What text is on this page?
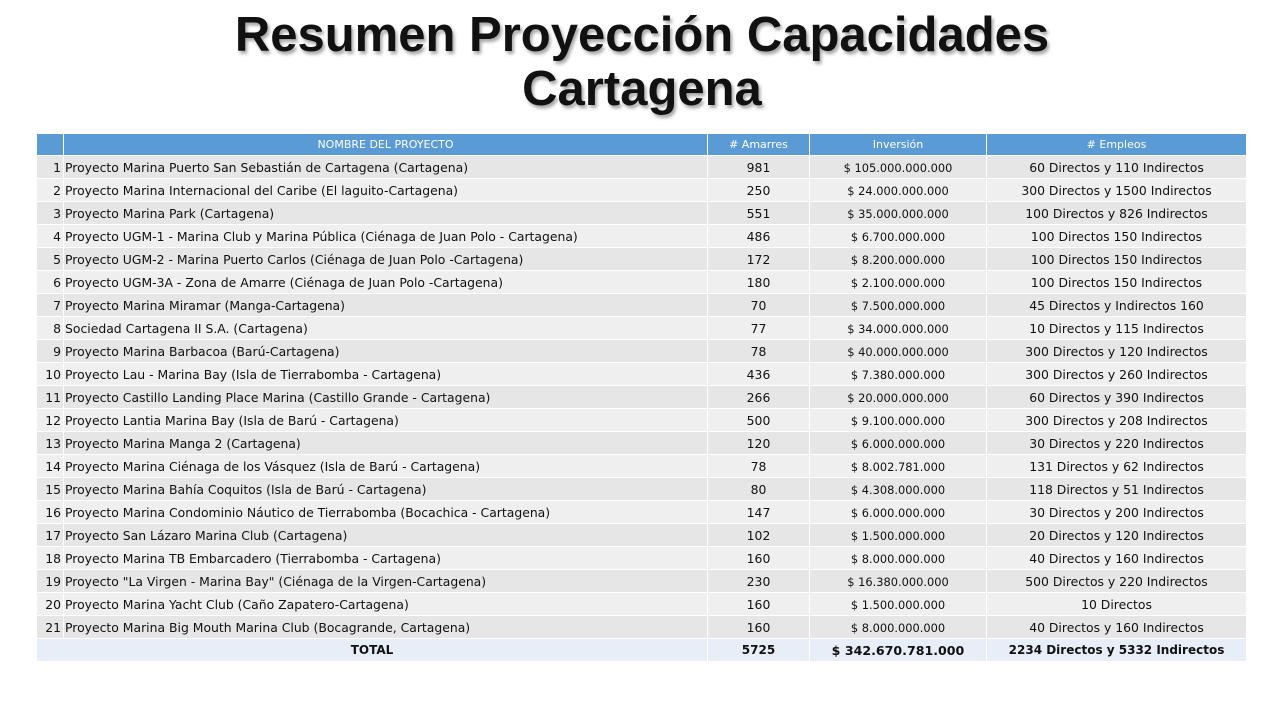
Resumen Proyección Capacidades
Cartagena
	NOMBRE DEL PROYECTO	# Amarres	Inversión	# Empleos
1	Proyecto Marina Puerto San Sebastián de Cartagena (Cartagena)	981	$ 105.000.000.000	60 Directos y 110 Indirectos
2	Proyecto Marina Internacional del Caribe (El laguito-Cartagena)	250	$ 24.000.000.000	300 Directos y 1500 Indirectos
3	Proyecto Marina Park (Cartagena)	551	$ 35.000.000.000	100 Directos y 826 Indirectos
4	Proyecto UGM-1 - Marina Club y Marina Pública (Ciénaga de Juan Polo - Cartagena)	486	$ 6.700.000.000	100 Directos 150 Indirectos
5	Proyecto UGM-2 - Marina Puerto Carlos (Ciénaga de Juan Polo -Cartagena)	172	$ 8.200.000.000	100 Directos 150 Indirectos
6	Proyecto UGM-3A - Zona de Amarre (Ciénaga de Juan Polo -Cartagena)	180	$ 2.100.000.000	100 Directos 150 Indirectos
7	Proyecto Marina Miramar (Manga-Cartagena)	70	$ 7.500.000.000	45 Directos y Indirectos 160
8	Sociedad Cartagena II S.A. (Cartagena)	77	$ 34.000.000.000	10 Directos y 115 Indirectos
9	Proyecto Marina Barbacoa (Barú-Cartagena)	78	$ 40.000.000.000	300 Directos y 120 Indirectos
10	Proyecto Lau - Marina Bay (Isla de Tierrabomba - Cartagena)	436	$ 7.380.000.000	300 Directos y 260 Indirectos
11	Proyecto Castillo Landing Place Marina (Castillo Grande - Cartagena)	266	$ 20.000.000.000	60 Directos y 390 Indirectos
12	Proyecto Lantia Marina Bay (Isla de Barú - Cartagena)	500	$ 9.100.000.000	300 Directos y 208 Indirectos
13	Proyecto Marina Manga 2 (Cartagena)	120	$ 6.000.000.000	30 Directos y 220 Indirectos
14	Proyecto Marina Ciénaga de los Vásquez (Isla de Barú - Cartagena)	78	$ 8.002.781.000	131 Directos y 62 Indirectos
15	Proyecto Marina Bahía Coquitos (Isla de Barú - Cartagena)	80	$ 4.308.000.000	118 Directos y 51 Indirectos
16	Proyecto Marina Condominio Náutico de Tierrabomba (Bocachica - Cartagena)	147	$ 6.000.000.000	30 Directos y 200 Indirectos
17	Proyecto San Lázaro Marina Club (Cartagena)	102	$ 1.500.000.000	20 Directos y 120 Indirectos
18	Proyecto Marina TB Embarcadero (Tierrabomba - Cartagena)	160	$ 8.000.000.000	40 Directos y 160 Indirectos
19	Proyecto "La Virgen - Marina Bay" (Ciénaga de la Virgen-Cartagena)	230	$ 16.380.000.000	500 Directos y 220 Indirectos
20	Proyecto Marina Yacht Club (Caño Zapatero-Cartagena)	160	$ 1.500.000.000	10 Directos
21	Proyecto Marina Big Mouth Marina Club (Bocagrande, Cartagena)	160	$ 8.000.000.000	40 Directos y 160 Indirectos
TOTAL		5725	$ 342.670.781.000	2234 Directos y 5332 Indirectos
